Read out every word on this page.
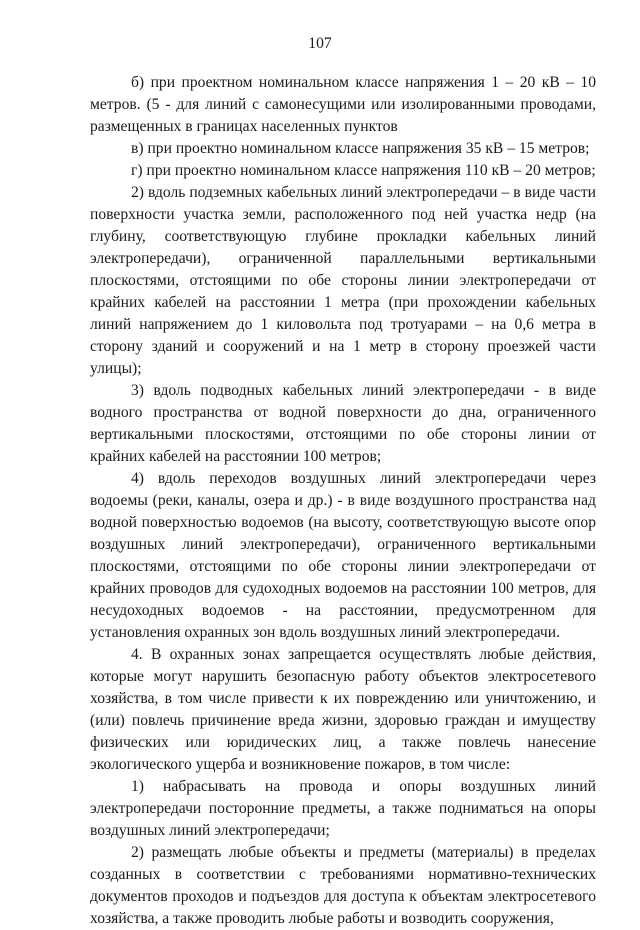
107

б) при проектном номинальном классе напряжения 1 – 20 кВ – 10 метров. (5 - для линий с самонесущими или изолированными проводами, размещенных в границах населенных пунктов

в) при проектно номинальном классе напряжения 35 кВ – 15 метров;

г) при проектно номинальном классе напряжения 110 кВ – 20 метров;

2) вдоль подземных кабельных линий электропередачи – в виде части поверхности участка земли, расположенного под ней участка недр (на глубину, соответствующую глубине прокладки кабельных линий электропередачи), ограниченной параллельными вертикальными плоскостями, отстоящими по обе стороны линии электропередачи от крайних кабелей на расстоянии 1 метра (при прохождении кабельных линий напряжением до 1 киловольта под тротуарами – на 0,6 метра в сторону зданий и сооружений и на 1 метр в сторону проезжей части улицы);

3) вдоль подводных кабельных линий электропередачи - в виде водного пространства от водной поверхности до дна, ограниченного вертикальными плоскостями, отстоящими по обе стороны линии от крайних кабелей на расстоянии 100 метров;

4) вдоль переходов воздушных линий электропередачи через водоемы (реки, каналы, озера и др.) - в виде воздушного пространства над водной поверхностью водоемов (на высоту, соответствующую высоте опор воздушных линий электропередачи), ограниченного вертикальными плоскостями, отстоящими по обе стороны линии электропередачи от крайних проводов для судоходных водоемов на расстоянии 100 метров, для несудоходных водоемов - на расстоянии, предусмотренном для установления охранных зон вдоль воздушных линий электропередачи.

4. В охранных зонах запрещается осуществлять любые действия, которые могут нарушить безопасную работу объектов электросетевого хозяйства, в том числе привести к их повреждению или уничтожению, и (или) повлечь причинение вреда жизни, здоровью граждан и имуществу физических или юридических лиц, а также повлечь нанесение экологического ущерба и возникновение пожаров, в том числе:

1) набрасывать на провода и опоры воздушных линий электропередачи посторонние предметы, а также подниматься на опоры воздушных линий электропередачи;

2) размещать любые объекты и предметы (материалы) в пределах созданных в соответствии с требованиями нормативно-технических документов проходов и подъездов для доступа к объектам электросетевого хозяйства, а также проводить любые работы и возводить сооружения,
